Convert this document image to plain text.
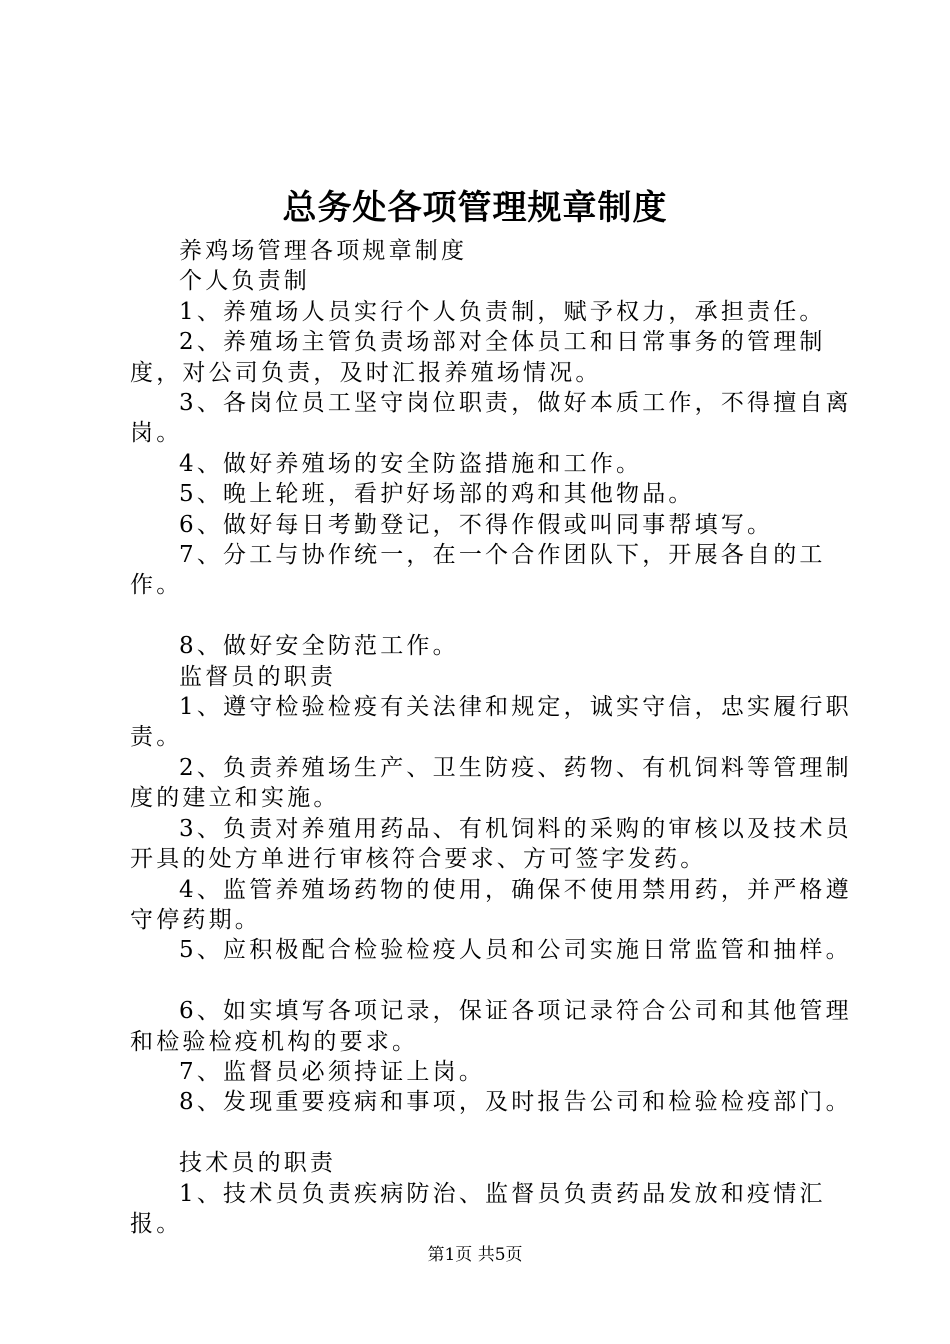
总务处各项管理规章制度

养鸡场管理各项规章制度

个人负责制

1、养殖场人员实行个人负责制，赋予权力，承担责任。

2、养殖场主管负责场部对全体员工和日常事务的管理制度，对公司负责，及时汇报养殖场情况。

3、各岗位员工坚守岗位职责，做好本质工作，不得擅自离岗。

4、做好养殖场的安全防盗措施和工作。

5、晚上轮班，看护好场部的鸡和其他物品。

6、做好每日考勤登记，不得作假或叫同事帮填写。

7、分工与协作统一，在一个合作团队下，开展各自的工作。

8、做好安全防范工作。

监督员的职责

1、遵守检验检疫有关法律和规定，诚实守信，忠实履行职责。

2、负责养殖场生产、卫生防疫、药物、有机饲料等管理制度的建立和实施。

3、负责对养殖用药品、有机饲料的采购的审核以及技术员开具的处方单进行审核符合要求、方可签字发药。

4、监管养殖场药物的使用，确保不使用禁用药，并严格遵守停药期。

5、应积极配合检验检疫人员和公司实施日常监管和抽样。

6、如实填写各项记录，保证各项记录符合公司和其他管理和检验检疫机构的要求。

7、监督员必须持证上岗。

8、发现重要疫病和事项，及时报告公司和检验检疫部门。

技术员的职责

1、技术员负责疾病防治、监督员负责药品发放和疫情汇报。

第1页 共5页
